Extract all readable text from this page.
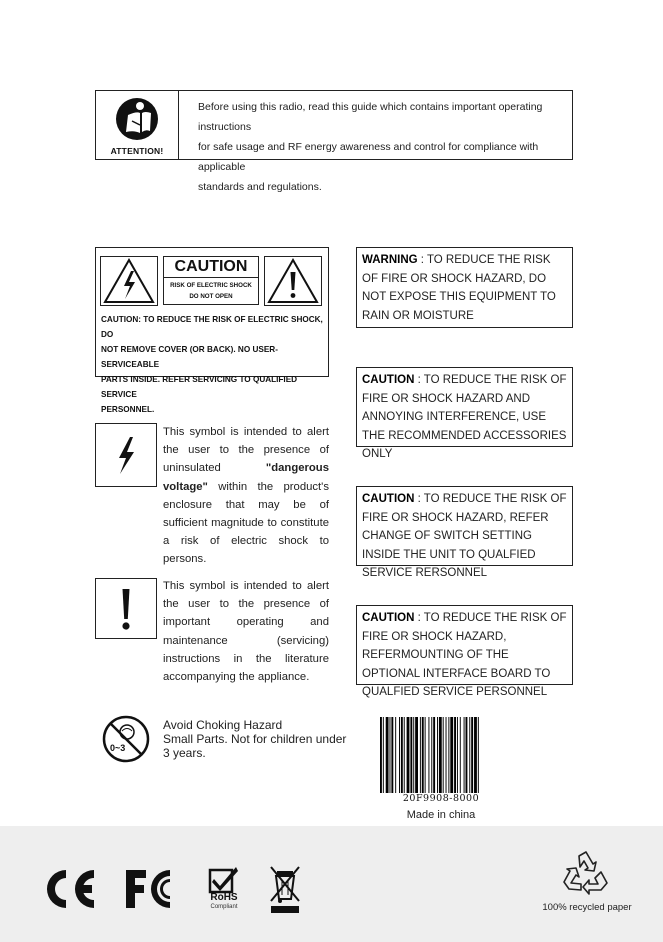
ATTENTION!
Before using this radio, read this guide which contains important operating instructions
for safe usage and RF energy awareness and control for compliance with applicable
standards and regulations.
CAUTION
RISK OF ELECTRIC SHOCK
DO NOT OPEN
CAUTION: TO REDUCE THE RISK OF ELECTRIC SHOCK, DO
NOT REMOVE COVER (OR BACK). NO USER-SERVICEABLE
PARTS INSIDE. REFER SERVICING TO QUALIFIED SERVICE
PERSONNEL.
WARNING : TO REDUCE THE RISK OF FIRE OR SHOCK HAZARD, DO NOT EXPOSE THIS EQUIPMENT TO RAIN OR MOISTURE
CAUTION : TO REDUCE THE RISK OF FIRE OR SHOCK HAZARD AND ANNOYING INTERFERENCE, USE THE RECOMMENDED ACCESSORIES ONLY
CAUTION : TO REDUCE THE RISK OF FIRE OR SHOCK HAZARD, REFER CHANGE OF SWITCH SETTING INSIDE THE UNIT TO QUALFIED SERVICE RERSONNEL
CAUTION : TO REDUCE THE RISK OF FIRE OR SHOCK HAZARD, REFERMOUNTING OF THE OPTIONAL INTERFACE BOARD TO QUALFIED SERVICE PERSONNEL
This symbol is intended to alert the user to the presence of uninsulated "dangerous voltage" within the product's enclosure that may be of sufficient magnitude to constitute a risk of electric shock to persons.
This symbol is intended to alert the user to the presence of important operating and maintenance (servicing) instructions in the literature accompanying the appliance.
0~3
Avoid Choking Hazard
Small Parts. Not for children under
3 years.
20F9908-8000
Made in china
RoHS
Compliant	100% recycled paper
